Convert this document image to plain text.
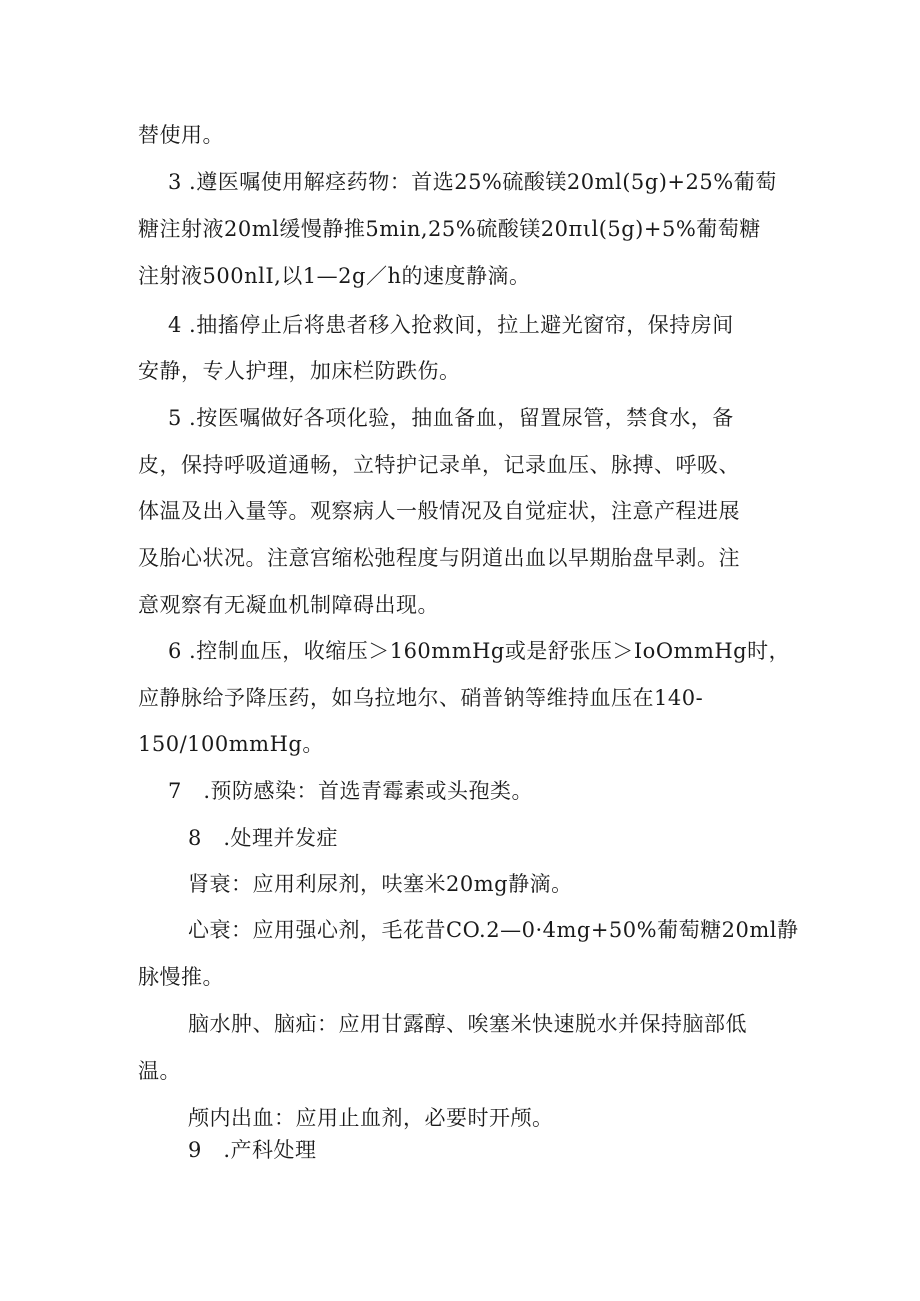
替使用。
3 .遵医嘱使用解痉药物：首选25%硫酸镁20ml(5g)+25%葡萄
糖注射液20ml缓慢静推5min,25%硫酸镁20πιl(5g)+5%葡萄糖
注射液500nlI,以1—2g／h的速度静滴。
4 .抽搐停止后将患者移入抢救间，拉上避光窗帘，保持房间
安静，专人护理，加床栏防跌伤。
5 .按医嘱做好各项化验，抽血备血，留置尿管，禁食水，备
皮，保持呼吸道通畅，立特护记录单，记录血压、脉搏、呼吸、
体温及出入量等。观察病人一般情况及自觉症状，注意产程进展
及胎心状况。注意宫缩松弛程度与阴道出血以早期胎盘早剥。注
意观察有无凝血机制障碍出现。
6 .控制血压，收缩压＞160mmHg或是舒张压＞IoOmmHg时，
应静脉给予降压药，如乌拉地尔、硝普钠等维持血压在140-
150/100mmHg。
7　.预防感染：首选青霉素或头孢类。
8　.处理并发症
肾衰：应用利尿剂，呋塞米20mg静滴。
心衰：应用强心剂，毛花昔CO.2—0·4mg+50%葡萄糖20ml静
脉慢推。
脑水肿、脑疝：应用甘露醇、唉塞米快速脱水并保持脑部低
温。
颅内出血：应用止血剂，必要时开颅。
9　.产科处理
